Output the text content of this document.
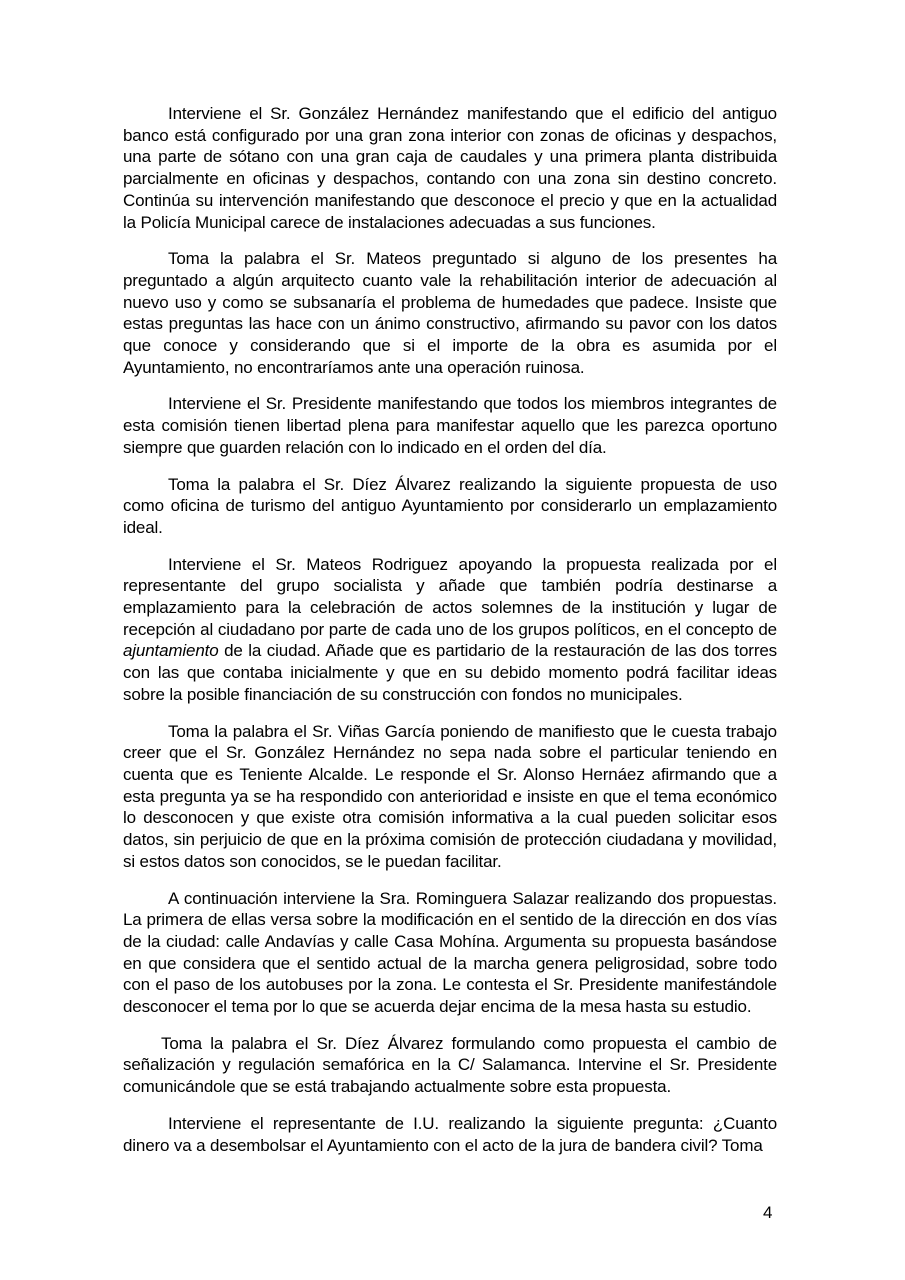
Interviene el Sr. González Hernández manifestando que el edificio del antiguo banco está configurado por una gran zona interior con zonas de oficinas y despachos, una parte de sótano con una gran caja de caudales y una primera planta distribuida parcialmente en oficinas y despachos, contando con una zona sin destino concreto. Continúa su intervención manifestando que desconoce el precio y que en la actualidad la Policía Municipal carece de instalaciones adecuadas a sus funciones.

Toma la palabra el Sr. Mateos preguntado si alguno de los presentes ha preguntado a algún arquitecto cuanto vale la rehabilitación interior de adecuación al nuevo uso y como se subsanaría el problema de humedades que padece. Insiste que estas preguntas las hace con un ánimo constructivo, afirmando su pavor con los datos que conoce y considerando que si el importe de la obra es asumida por el Ayuntamiento, no encontraríamos ante una operación ruinosa.

Interviene el Sr. Presidente manifestando que todos los miembros integrantes de esta comisión tienen libertad plena para manifestar aquello que les parezca oportuno siempre que guarden relación con lo indicado en el orden del día.

Toma la palabra el Sr. Díez Álvarez realizando la siguiente propuesta de uso como oficina de turismo del antiguo Ayuntamiento por considerarlo un emplazamiento ideal.

Interviene el Sr. Mateos Rodriguez apoyando la propuesta realizada por el representante del grupo socialista y añade que también podría destinarse a emplazamiento para la celebración de actos solemnes de la institución y lugar de recepción al ciudadano por parte de cada uno de los grupos políticos, en el concepto de ajuntamiento de la ciudad. Añade que es partidario de la restauración de las dos torres con las que contaba inicialmente y que en su debido momento podrá facilitar ideas sobre la posible financiación de su construcción con fondos no municipales.

Toma la palabra el Sr. Viñas García poniendo de manifiesto que le cuesta trabajo creer que el Sr. González Hernández no sepa nada sobre el particular teniendo en cuenta que es Teniente Alcalde. Le responde el Sr. Alonso Hernáez afirmando que a esta pregunta ya se ha respondido con anterioridad e insiste en que el tema económico lo desconocen y que existe otra comisión informativa a la cual pueden solicitar esos datos, sin perjuicio de que en la próxima comisión de protección ciudadana y movilidad, si estos datos son conocidos, se le puedan facilitar.

A continuación interviene la Sra. Rominguera Salazar realizando dos propuestas. La primera de ellas versa sobre la modificación en el sentido de la dirección en dos vías de la ciudad: calle Andavías y calle Casa Mohína. Argumenta su propuesta basándose en que considera que el sentido actual de la marcha genera peligrosidad, sobre todo con el paso de los autobuses por la zona. Le contesta el Sr. Presidente manifestándole desconocer el tema por lo que se acuerda dejar encima de la mesa hasta su estudio.

Toma la palabra el Sr. Díez Álvarez formulando como propuesta el cambio de señalización y regulación semafórica en la C/ Salamanca. Intervine el Sr. Presidente comunicándole que se está trabajando actualmente sobre esta propuesta.

Interviene el representante de I.U. realizando la siguiente pregunta: ¿Cuanto dinero va a desembolsar el Ayuntamiento con el acto de la jura de bandera civil? Toma

4
